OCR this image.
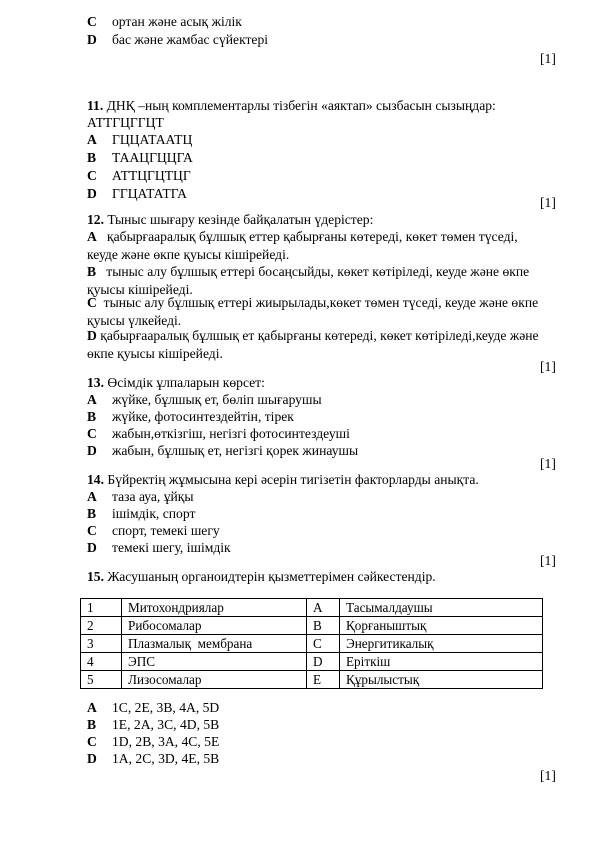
C ортан және асық жілік
D бас және жамбас сүйектері
[1]
11. ДНҚ –ның комплементарлы тізбегін «аяктап» сызбасын сызыңдар:
АТТГЦГГЦТ
A ГЦЦАТААТЦ
B ТААЦГЦЦГА
C АТТЦГЦТЦГ
D ГГЦАТАТГА
[1]
12. Тыныс шығару кезінде байқалатын үдерістер:
A қабырғааралық бұлшық еттер қабырғаны көтереді, көкет төмен түседі, кеуде және өкпе қуысы кішірейеді.
B тыныс алу бұлшық еттері босаңсыйды, көкет көтіріледі, кеуде және өкпе қуысы кішірейеді.
C тыныс алу бұлшық еттері жиырылады,көкет төмен түседі, кеуде және өкпе қуысы үлкейеді.
D қабырғааралық бұлшық ет қабырғаны көтереді, көкет көтіріледі,кеуде және өкпе қуысы кішірейеді.
[1]
13. Өсімдік ұлпаларын көрсет:
A жүйке, бұлшық ет, бөліп шығарушы
B жүйке, фотосинтездейтін, тірек
C жабын,өткізгіш, негізгі фотосинтездеуші
D жабын, бұлшық ет, негізгі қорек жинаушы
[1]
14. Бүйректің жұмысына кері әсерін тигізетін факторларды анықта.
A таза ауа, ұйқы
B ішімдік, спорт
C спорт, темекі шегу
D темекі шегу, ішімдік
[1]
15. Жасушаның органоидтерін қызметтерімен сәйкестендір.
1	Митохондриялар	A	Тасымалдаушы
2	Рибосомалар	B	Қорғаныштық
3	Плазмалық  мембрана	C	Энергитикалық
4	ЭПС	D	Еріткіш
5	Лизосомалар	E	Құрылыстық
A 1C, 2E, 3B, 4A, 5D
B 1E, 2A, 3C, 4D, 5B
C 1D, 2B, 3A, 4C, 5E
D 1A, 2C, 3D, 4E, 5B
[1]
